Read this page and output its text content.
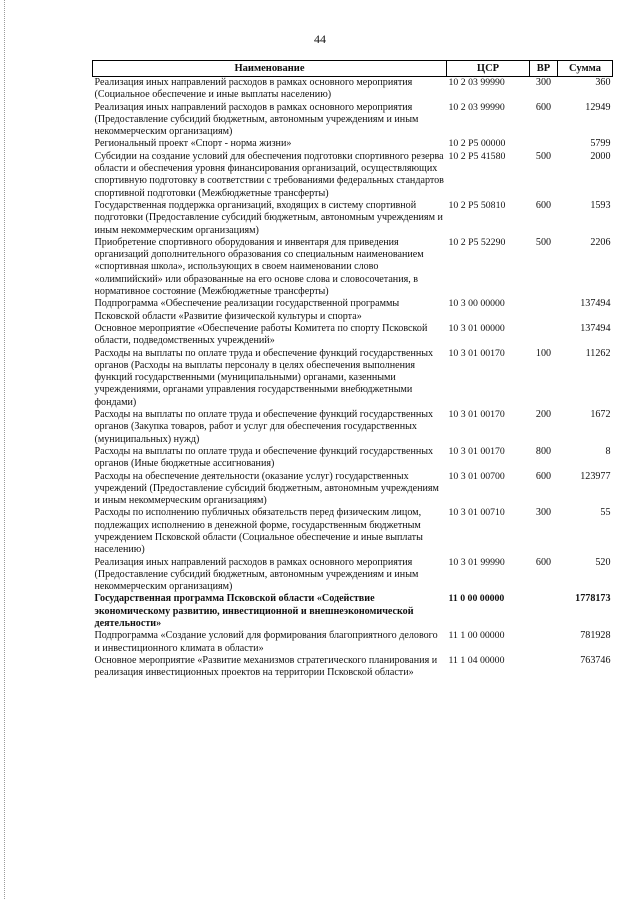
44
Наименование	ЦСР	ВР	Сумма
Реализация иных направлений расходов в рамках основного мероприятия (Социальное обеспечение и иные выплаты населению)	10 2 03 99990	300	360
Реализация иных направлений расходов в рамках основного мероприятия (Предоставление субсидий бюджетным, автономным учреждениям и иным некоммерческим организациям)	10 2 03 99990	600	12949
Региональный проект «Спорт - норма жизни»	10 2 P5 00000		5799
Субсидии на создание условий для обеспечения подготовки спортивного резерва области и обеспечения уровня финансирования организаций, осуществляющих спортивную подготовку в соответствии с требованиями федеральных стандартов спортивной подготовки (Межбюджетные трансферты)	10 2 P5 41580	500	2000
Государственная поддержка организаций, входящих в систему спортивной подготовки (Предоставление субсидий бюджетным, автономным учреждениям и иным некоммерческим организациям)	10 2 P5 50810	600	1593
Приобретение спортивного оборудования и инвентаря для приведения организаций дополнительного образования со специальным наименованием «спортивная школа», использующих в своем наименовании слово «олимпийский» или образованные на его основе слова и словосочетания, в нормативное состояние (Межбюджетные трансферты)	10 2 P5 52290	500	2206
Подпрограмма «Обеспечение реализации государственной программы Псковской области «Развитие физической культуры и спорта»	10 3 00 00000		137494
Основное мероприятие «Обеспечение работы Комитета по спорту Псковской области, подведомственных учреждений»	10 3 01 00000		137494
Расходы на выплаты по оплате труда и обеспечение функций государственных органов (Расходы на выплаты персоналу в целях обеспечения выполнения функций государственными (муниципальными) органами, казенными учреждениями, органами управления государственными внебюджетными фондами)	10 3 01 00170	100	11262
Расходы на выплаты по оплате труда и обеспечение функций государственных органов (Закупка товаров, работ и услуг для обеспечения государственных (муниципальных) нужд)	10 3 01 00170	200	1672
Расходы на выплаты по оплате труда и обеспечение функций государственных органов (Иные бюджетные ассигнования)	10 3 01 00170	800	8
Расходы на обеспечение деятельности (оказание услуг) государственных учреждений (Предоставление субсидий бюджетным, автономным учреждениям и иным некоммерческим организациям)	10 3 01 00700	600	123977
Расходы по исполнению публичных обязательств перед физическим лицом, подлежащих исполнению в денежной форме, государственным бюджетным учреждением Псковской области (Социальное обеспечение и иные выплаты населению)	10 3 01 00710	300	55
Реализация иных направлений расходов в рамках основного мероприятия (Предоставление субсидий бюджетным, автономным учреждениям и иным некоммерческим организациям)	10 3 01 99990	600	520
Государственная программа Псковской области «Содействие экономическому развитию, инвестиционной и внешнеэкономической деятельности»	11 0 00 00000		1778173
Подпрограмма «Создание условий для формирования благоприятного делового и инвестиционного климата в области»	11 1 00 00000		781928
Основное мероприятие «Развитие механизмов стратегического планирования и реализация инвестиционных проектов на территории Псковской области»	11 1 04 00000		763746
